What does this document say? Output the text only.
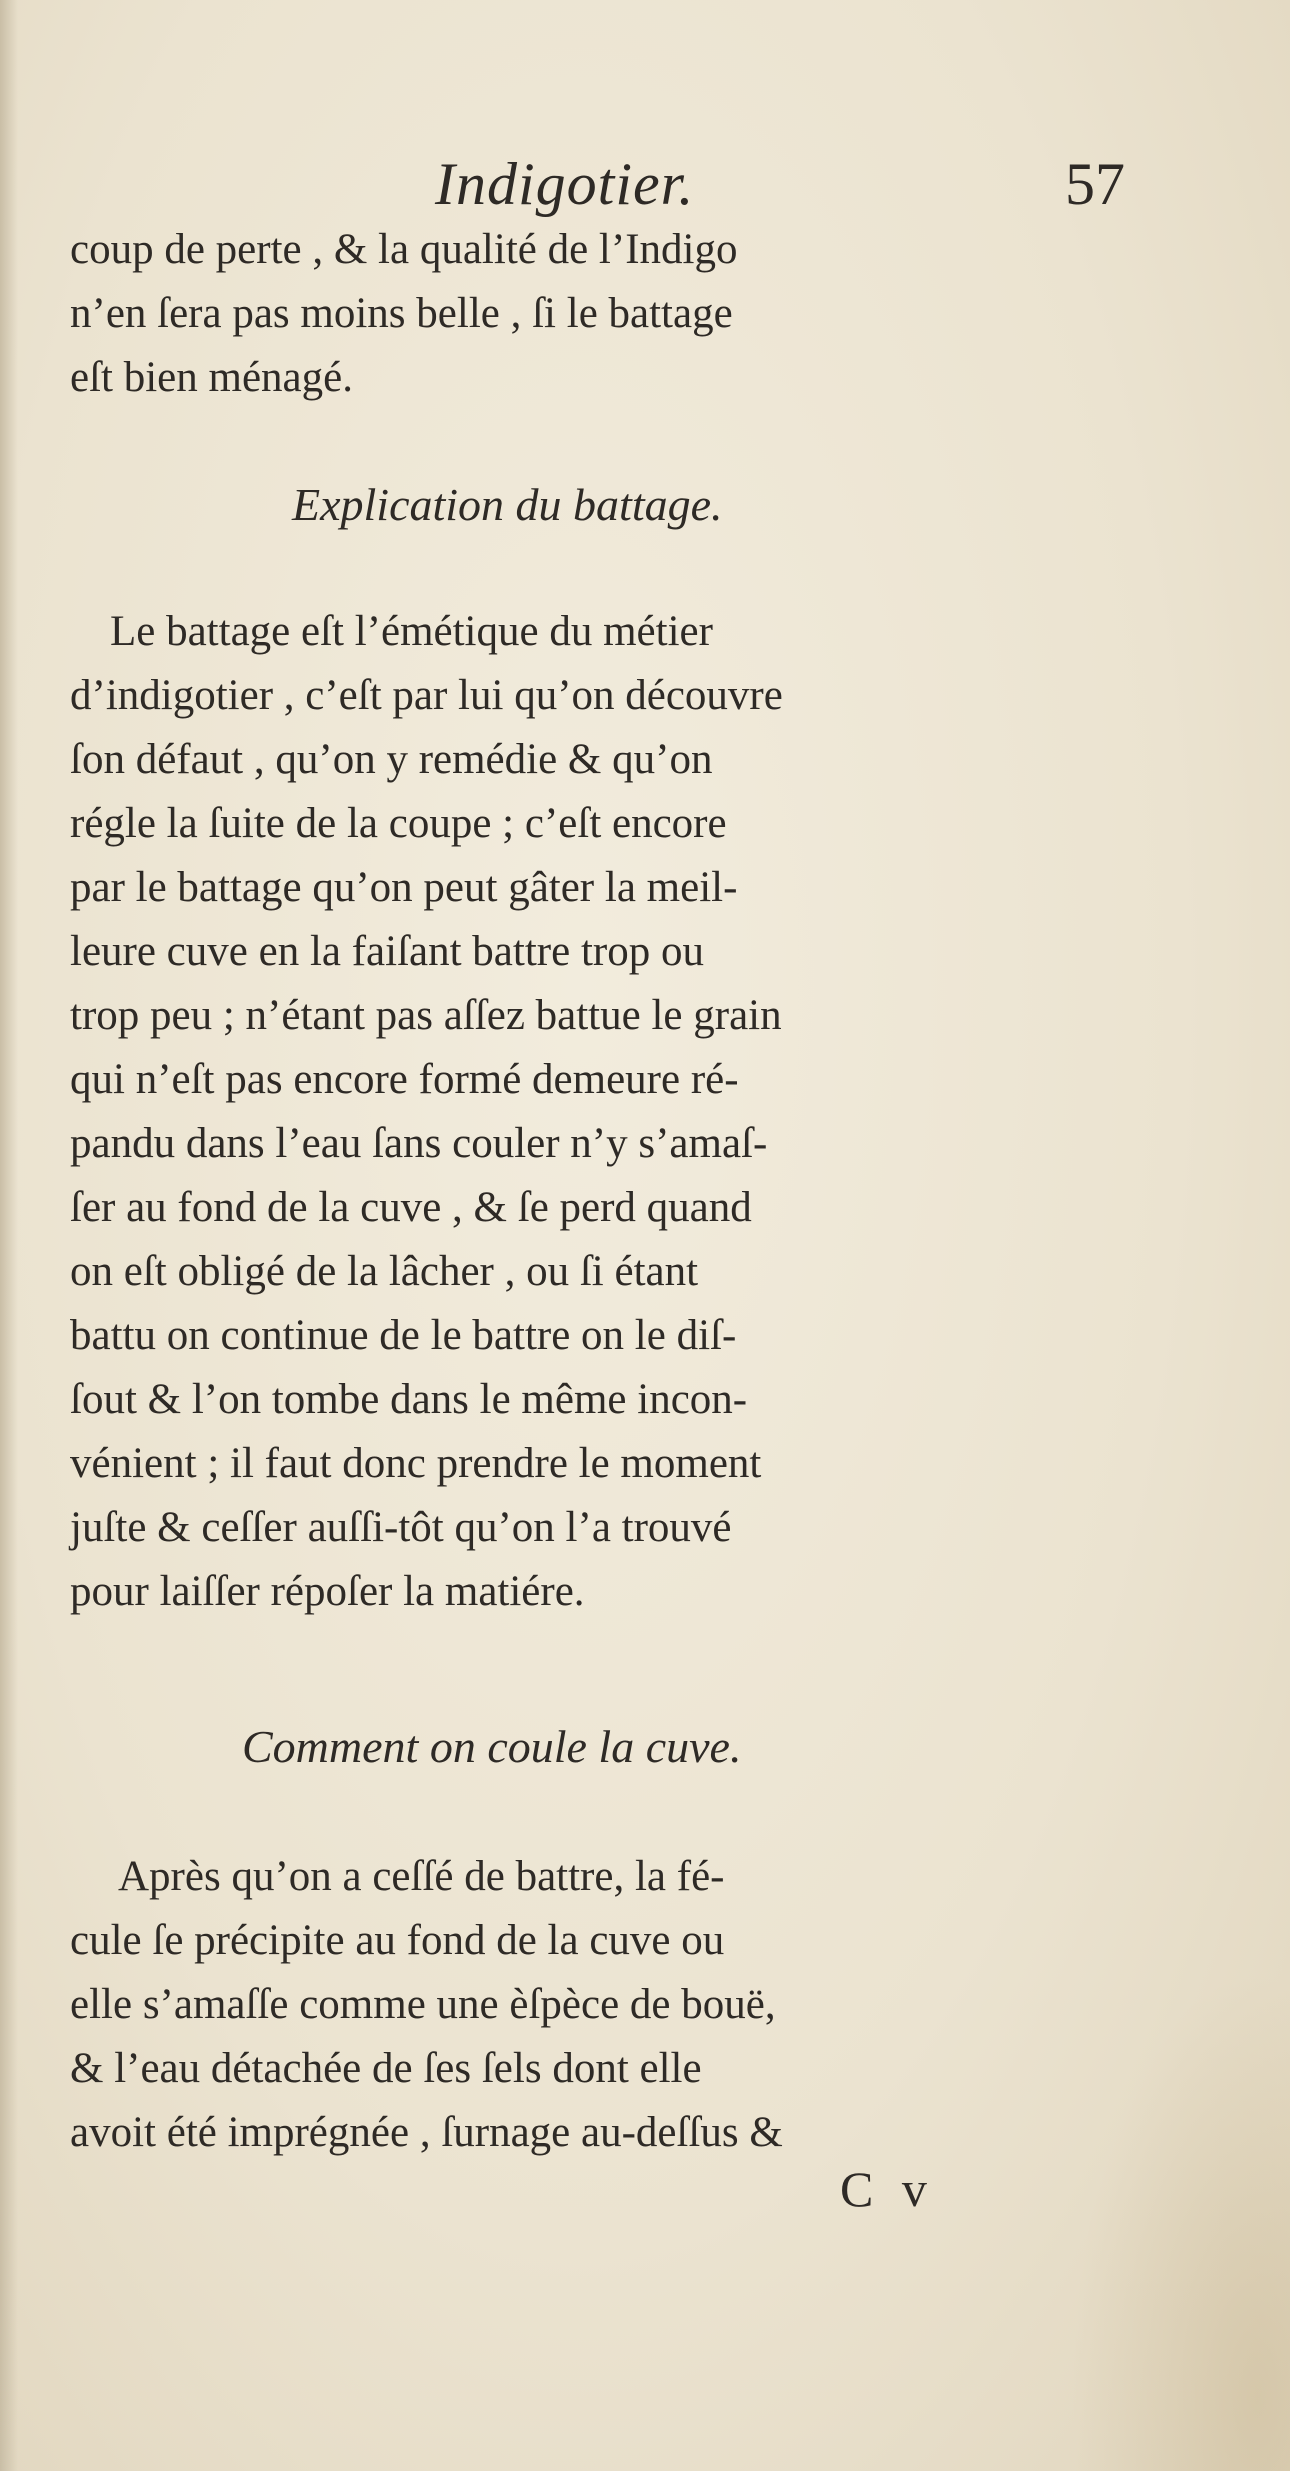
Indigotier.	57
coup de perte , & la qualité de l’Indigo
n’en ſera pas moins belle , ſi le battage
eſt bien ménagé.
Explication du battage.
Le battage eſt l’émétique du métier
d’indigotier , c’eſt par lui qu’on découvre
ſon défaut , qu’on y remédie & qu’on
régle la ſuite de la coupe ; c’eſt encore
par le battage qu’on peut gâter la meil-
leure cuve en la faiſant battre trop ou
trop peu ; n’étant pas aſſez battue le grain
qui n’eſt pas encore formé demeure ré-
pandu dans l’eau ſans couler n’y s’amaſ-
ſer au fond de la cuve , & ſe perd quand
on eſt obligé de la lâcher , ou ſi étant
battu on continue de le battre on le diſ-
ſout & l’on tombe dans le même incon-
vénient ; il faut donc prendre le moment
juſte & ceſſer auſſi-tôt qu’on l’a trouvé
pour laiſſer répoſer la matiére.
Comment on coule la cuve.
Après qu’on a ceſſé de battre, la fé-
cule ſe précipite au fond de la cuve ou
elle s’amaſſe comme une èſpèce de bouë,
& l’eau détachée de ſes ſels dont elle
avoit été imprégnée , ſurnage au-deſſus &
C v
